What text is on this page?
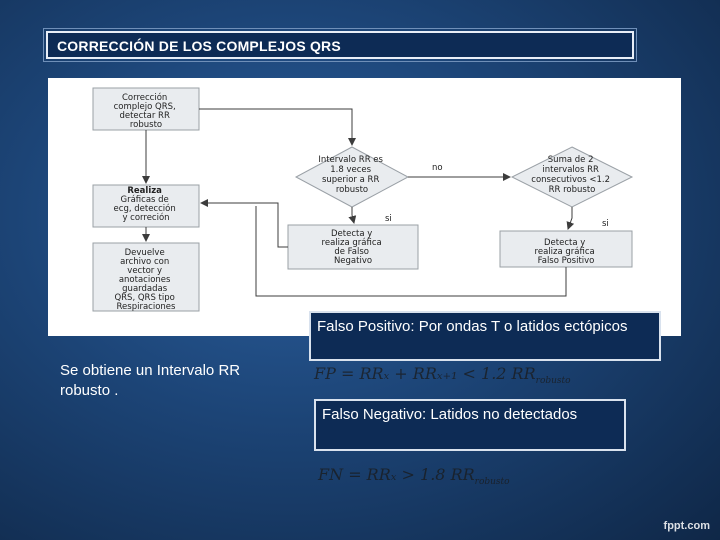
CORRECCIÓN DE LOS COMPLEJOS QRS
Corrección complejo QRS, detectar RR robusto
Realiza Gráficas de ecg, detección y correción
Devuelve archivo con vector y anotaciones guardadas QRS, QRS tipo Respiraciones
Intervalo RR es 1.8 veces superior a RR robusto
Suma de 2 intervalos RR consecutivos <1.2 RR robusto
Detecta y realiza gráfica de Falso Negativo
Detecta y realiza gráfica Falso Positivo
no
si	si
Falso Positivo: Por ondas T o latidos ectópicos
Se obtiene un Intervalo RR robusto .
FP = RRₓ + RRₓ₊₁ < 1.2 $RR_{robusto}$
Falso Negativo: Latidos no detectados
FN = RRₓ > 1.8 $RR_{robusto}$
fppt.com
